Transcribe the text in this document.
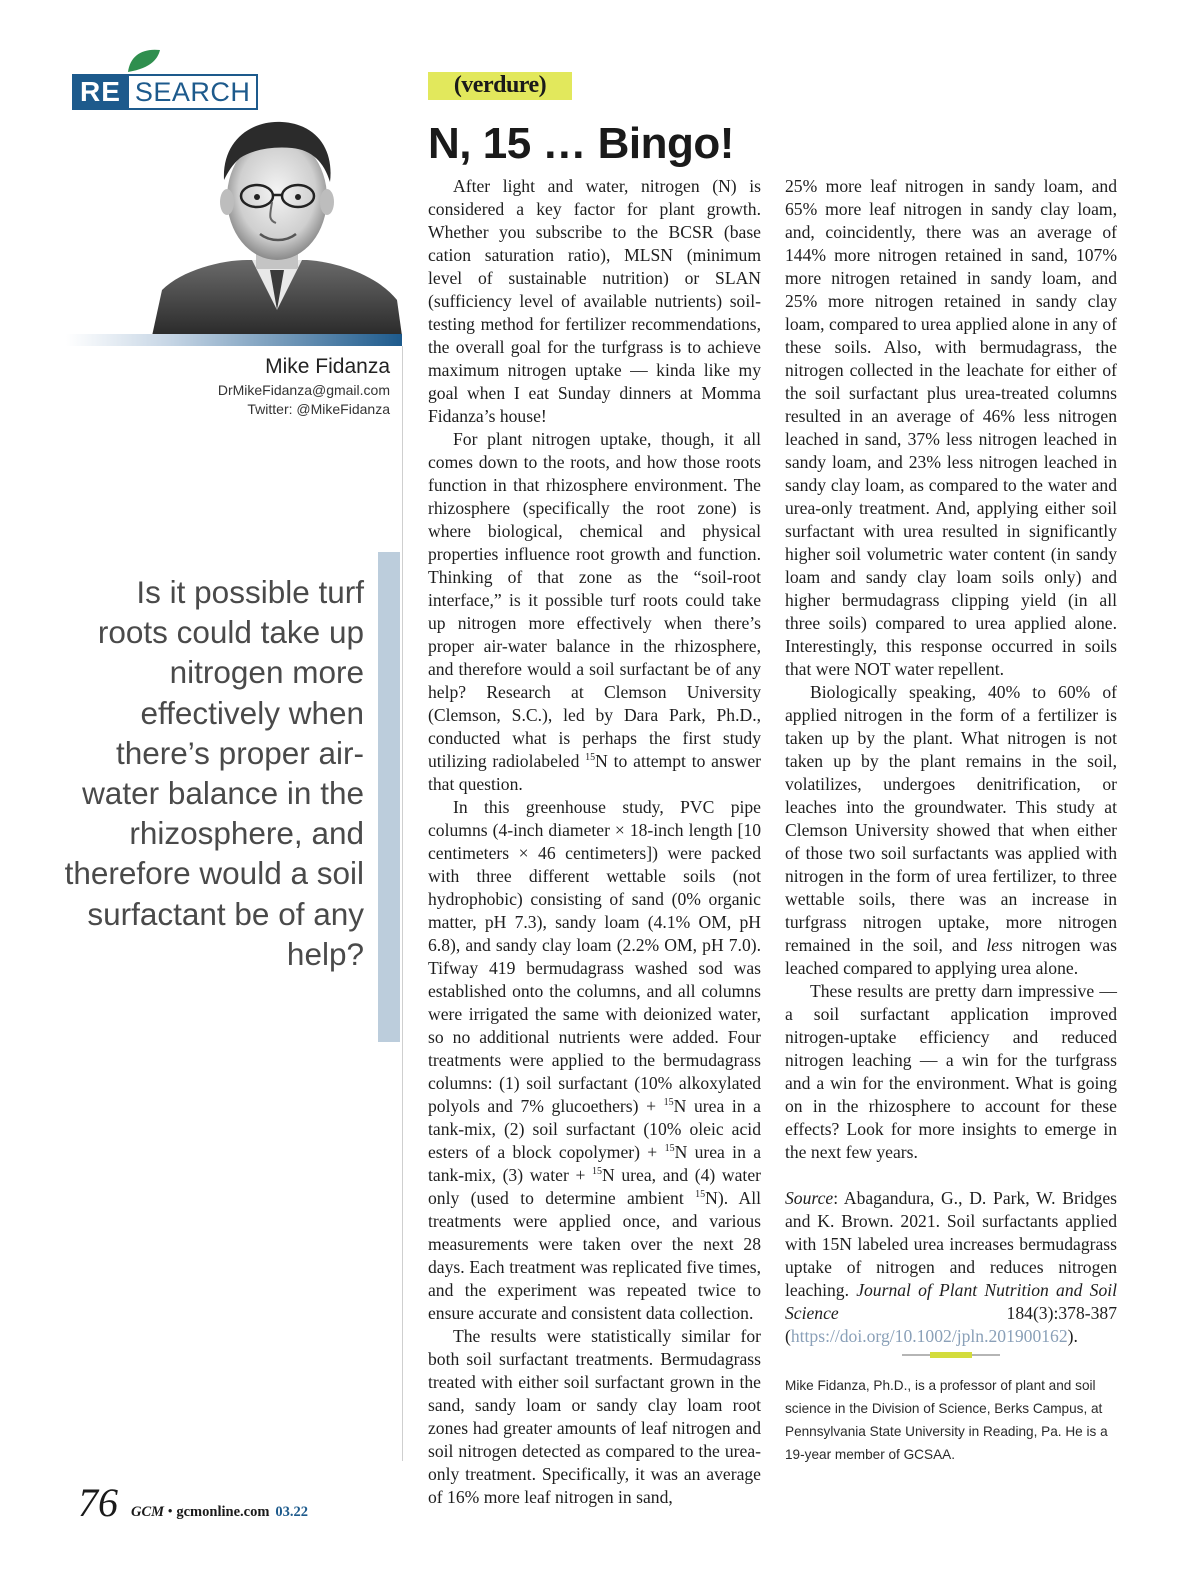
RE SEARCH
Mike Fidanza
DrMikeFidanza@gmail.com
Twitter: @MikeFidanza
Is it possible turf roots could take up nitrogen more effectively when there’s proper air-water balance in the rhizosphere, and therefore would a soil surfactant be of any help?
(verdure)
N, 15 … Bingo!

After light and water, nitrogen (N) is considered a key factor for plant growth. Whether you subscribe to the BCSR (base cation saturation ratio), MLSN (minimum level of sustainable nutrition) or SLAN (sufficiency level of available nutrients) soil-testing method for fertilizer recommendations, the overall goal for the turfgrass is to achieve maximum nitrogen uptake — kinda like my goal when I eat Sunday dinners at Momma Fidanza’s house!

For plant nitrogen uptake, though, it all comes down to the roots, and how those roots function in that rhizosphere environment. The rhizosphere (specifically the root zone) is where biological, chemical and physical properties influence root growth and function. Thinking of that zone as the “soil-root interface,” is it possible turf roots could take up nitrogen more effectively when there’s proper air-water balance in the rhizosphere, and therefore would a soil surfactant be of any help? Research at Clemson University (Clemson, S.C.), led by Dara Park, Ph.D., conducted what is perhaps the first study utilizing radiolabeled $^{15}$N to attempt to answer that question.

In this greenhouse study, PVC pipe columns (4-inch diameter × 18-inch length [10 centimeters × 46 centimeters]) were packed with three different wettable soils (not hydrophobic) consisting of sand (0% organic matter, pH 7.3), sandy loam (4.1% OM, pH 6.8), and sandy clay loam (2.2% OM, pH 7.0). Tifway 419 bermudagrass washed sod was established onto the columns, and all columns were irrigated the same with deionized water, so no additional nutrients were added. Four treatments were applied to the bermudagrass columns: (1) soil surfactant (10% alkoxylated polyols and 7% glucoethers) + $^{15}$N urea in a tank-mix, (2) soil surfactant (10% oleic acid esters of a block copolymer) + $^{15}$N urea in a tank-mix, (3) water + $^{15}$N urea, and (4) water only (used to determine ambient $^{15}$N). All treatments were applied once, and various measurements were taken over the next 28 days. Each treatment was replicated five times, and the experiment was repeated twice to ensure accurate and consistent data collection.

The results were statistically similar for both soil surfactant treatments. Bermudagrass treated with either soil surfactant grown in the sand, sandy loam or sandy clay loam root zones had greater amounts of leaf nitrogen and soil nitrogen detected as compared to the urea-only treatment. Specifically, it was an average of 16% more leaf nitrogen in sand,

25% more leaf nitrogen in sandy loam, and 65% more leaf nitrogen in sandy clay loam, and, coincidently, there was an average of 144% more nitrogen retained in sand, 107% more nitrogen retained in sandy loam, and 25% more nitrogen retained in sandy clay loam, compared to urea applied alone in any of these soils. Also, with bermudagrass, the nitrogen collected in the leachate for either of the soil surfactant plus urea-treated columns resulted in an average of 46% less nitrogen leached in sand, 37% less nitrogen leached in sandy loam, and 23% less nitrogen leached in sandy clay loam, as compared to the water and urea-only treatment. And, applying either soil surfactant with urea resulted in significantly higher soil volumetric water content (in sandy loam and sandy clay loam soils only) and higher bermudagrass clipping yield (in all three soils) compared to urea applied alone. Interestingly, this response occurred in soils that were NOT water repellent.

Biologically speaking, 40% to 60% of applied nitrogen in the form of a fertilizer is taken up by the plant. What nitrogen is not taken up by the plant remains in the soil, volatilizes, undergoes denitrification, or leaches into the groundwater. This study at Clemson University showed that when either of those two soil surfactants was applied with nitrogen in the form of urea fertilizer, to three wettable soils, there was an increase in turfgrass nitrogen uptake, more nitrogen remained in the soil, and less nitrogen was leached compared to applying urea alone.

These results are pretty darn impressive — a soil surfactant application improved nitrogen-uptake efficiency and reduced nitrogen leaching — a win for the turfgrass and a win for the environment. What is going on in the rhizosphere to account for these effects? Look for more insights to emerge in the next few years.

Source: Abagandura, G., D. Park, W. Bridges and K. Brown. 2021. Soil surfactants applied with 15N labeled urea increases bermudagrass uptake of nitrogen and reduces nitrogen leaching. Journal of Plant Nutrition and Soil Science 184(3):378-387 (https://doi.org/10.1002/jpln.201900162).

Mike Fidanza, Ph.D., is a professor of plant and soil science in the Division of Science, Berks Campus, at Pennsylvania State University in Reading, Pa. He is a 19-year member of GCSAA.
76 GCM • gcmonline.com 03.22
